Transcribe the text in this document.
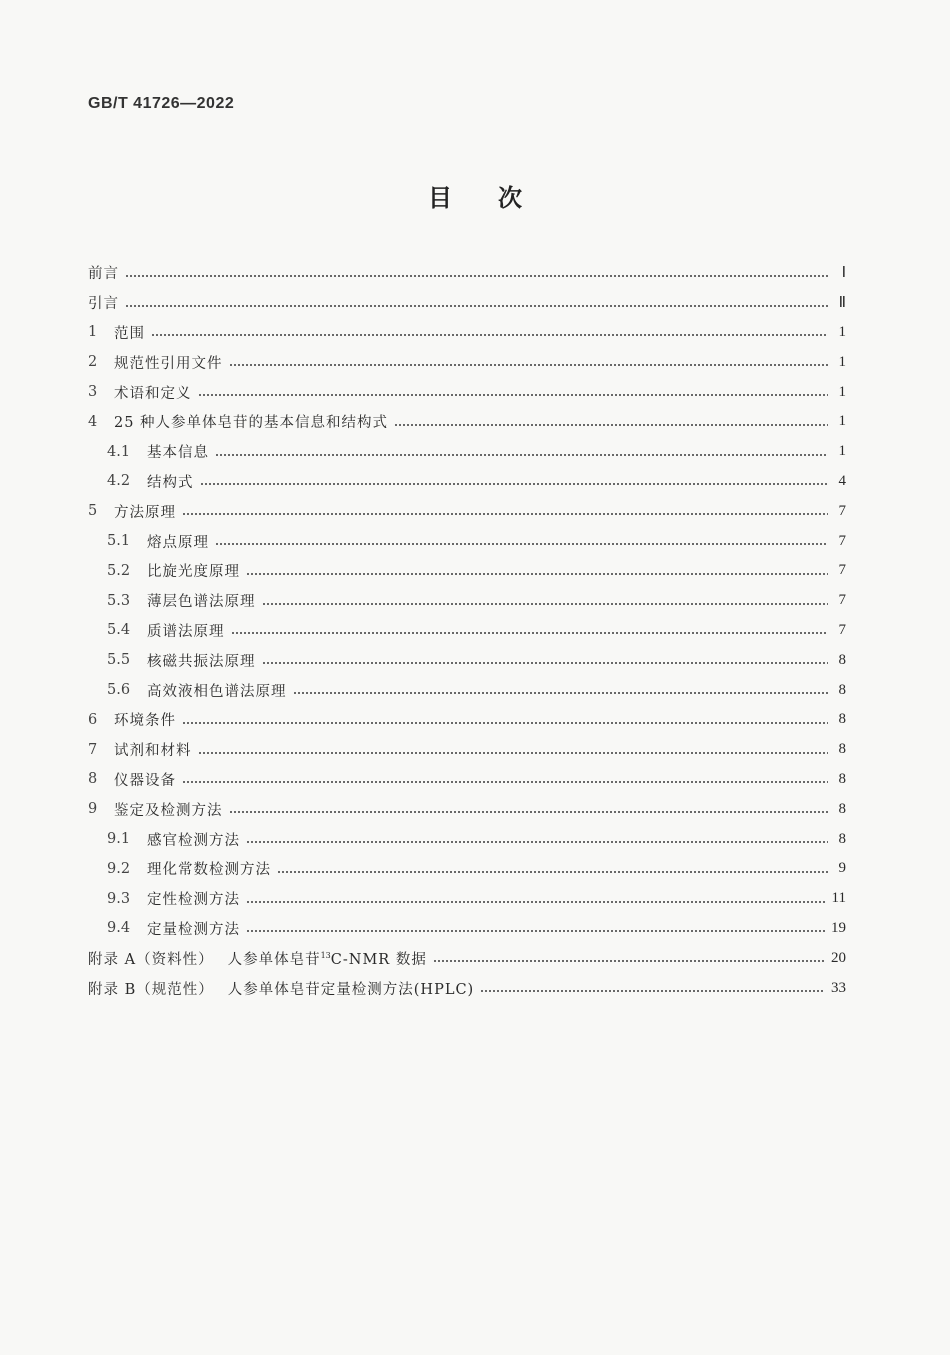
GB/T 41726—2022
目次
前言	Ⅰ
引言	Ⅱ
1	范围	1
2	规范性引用文件	1
3	术语和定义	1
4	25 种人参单体皂苷的基本信息和结构式	1
4.1	基本信息	1
4.2	结构式	4
5	方法原理	7
5.1	熔点原理	7
5.2	比旋光度原理	7
5.3	薄层色谱法原理	7
5.4	质谱法原理	7
5.5	核磁共振法原理	8
5.6	高效液相色谱法原理	8
6	环境条件	8
7	试剂和材料	8
8	仪器设备	8
9	鉴定及检测方法	8
9.1	感官检测方法	8
9.2	理化常数检测方法	9
9.3	定性检测方法	11
9.4	定量检测方法	19
附录 A（资料性） 人参单体皂苷$^{13}$C-NMR 数据	20
附录 B（规范性） 人参单体皂苷定量检测方法(HPLC)	33
